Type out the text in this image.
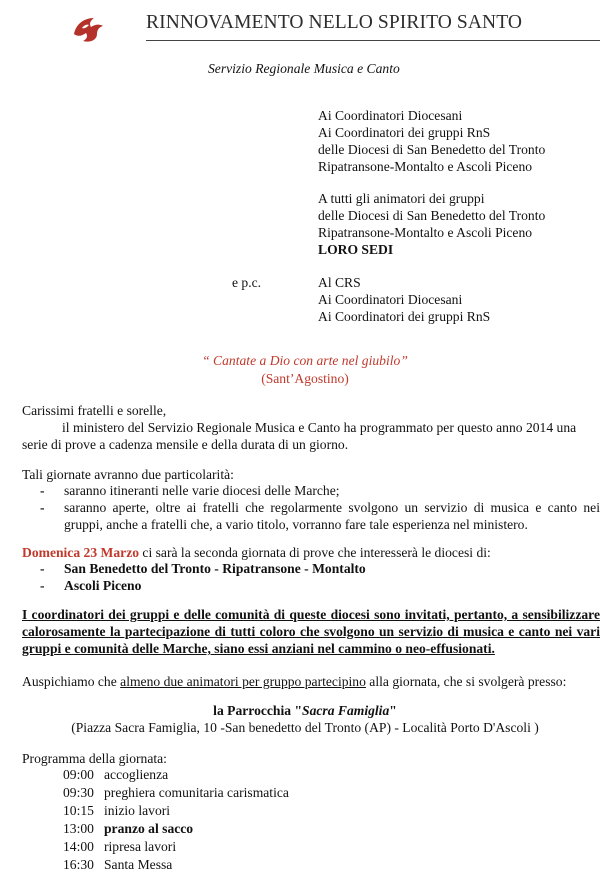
RINNOVAMENTO NELLO SPIRITO SANTO
Servizio Regionale Musica e Canto
Ai Coordinatori Diocesani
Ai Coordinatori dei gruppi RnS
delle Diocesi di San Benedetto del Tronto
Ripatransone-Montalto e Ascoli Piceno
A tutti gli animatori dei gruppi
delle Diocesi di San Benedetto del Tronto
Ripatransone-Montalto e Ascoli Piceno
LORO SEDI
e p.c.	Al CRS
Ai Coordinatori Diocesani
Ai Coordinatori dei gruppi RnS
“ Cantate a Dio con arte nel giubilo”
(Sant’Agostino)
Carissimi fratelli e sorelle,
il ministero del Servizio Regionale Musica e Canto ha programmato per questo anno 2014 una
serie di prove a cadenza mensile e della durata di un giorno.
Tali giornate avranno due particolarità:
- saranno itineranti nelle varie diocesi delle Marche;
- saranno aperte, oltre ai fratelli che regolarmente svolgono un servizio di musica e canto nei gruppi, anche a fratelli che, a vario titolo, vorranno fare tale esperienza nel ministero.
Domenica 23 Marzo ci sarà la seconda giornata di prove che interesserà le diocesi di:
- San Benedetto del Tronto - Ripatransone - Montalto
- Ascoli Piceno
I coordinatori dei gruppi e delle comunità di queste diocesi sono invitati, pertanto, a sensibilizzare calorosamente la partecipazione di tutti coloro che svolgono un servizio di musica e canto nei vari gruppi e comunità delle Marche, siano essi anziani nel cammino o neo-effusionati.
Auspichiamo che almeno due animatori per gruppo partecipino alla giornata, che si svolgerà presso:
la Parrocchia "Sacra Famiglia"
(Piazza Sacra Famiglia, 10 -San benedetto del Tronto (AP) - Località Porto D'Ascoli )
Programma della giornata:
09:00 accoglienza
09:30 preghiera comunitaria carismatica
10:15 inizio lavori
13:00 pranzo al sacco
14:00 ripresa lavori
16:30 Santa Messa
